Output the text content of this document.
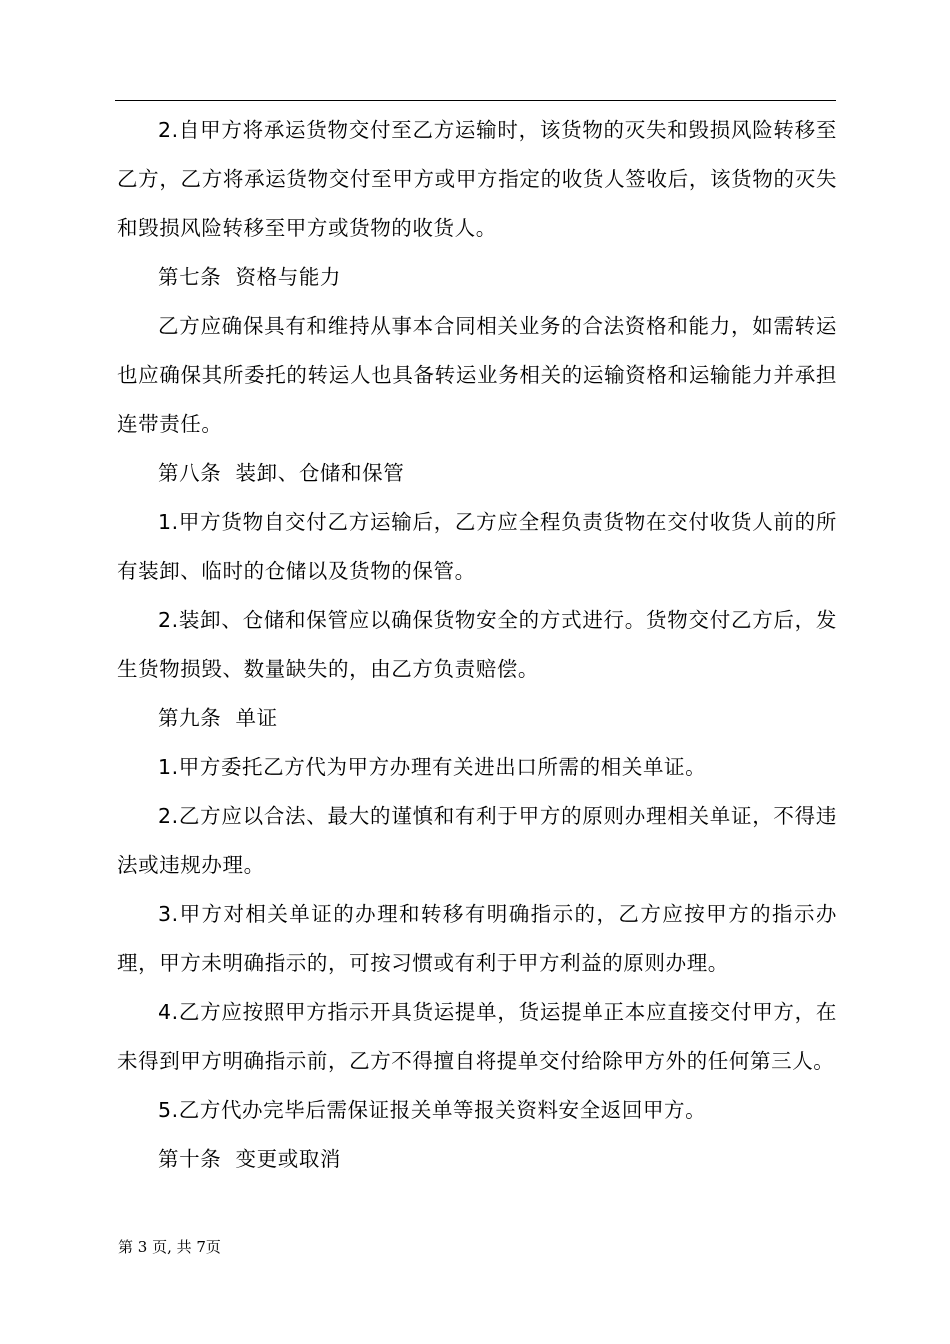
2.自甲方将承运货物交付至乙方运输时，该货物的灭失和毁损风险转移至乙方，乙方将承运货物交付至甲方或甲方指定的收货人签收后，该货物的灭失和毁损风险转移至甲方或货物的收货人。

第七条  资格与能力

乙方应确保具有和维持从事本合同相关业务的合法资格和能力，如需转运也应确保其所委托的转运人也具备转运业务相关的运输资格和运输能力并承担连带责任。

第八条  装卸、仓储和保管

1.甲方货物自交付乙方运输后，乙方应全程负责货物在交付收货人前的所有装卸、临时的仓储以及货物的保管。

2.装卸、仓储和保管应以确保货物安全的方式进行。货物交付乙方后，发生货物损毁、数量缺失的，由乙方负责赔偿。

第九条  单证

1.甲方委托乙方代为甲方办理有关进出口所需的相关单证。

2.乙方应以合法、最大的谨慎和有利于甲方的原则办理相关单证，不得违法或违规办理。

3.甲方对相关单证的办理和转移有明确指示的，乙方应按甲方的指示办理，甲方未明确指示的，可按习惯或有利于甲方利益的原则办理。

4.乙方应按照甲方指示开具货运提单，货运提单正本应直接交付甲方，在未得到甲方明确指示前，乙方不得擅自将提单交付给除甲方外的任何第三人。

5.乙方代办完毕后需保证报关单等报关资料安全返回甲方。

第十条  变更或取消

第 3 页, 共 7页
